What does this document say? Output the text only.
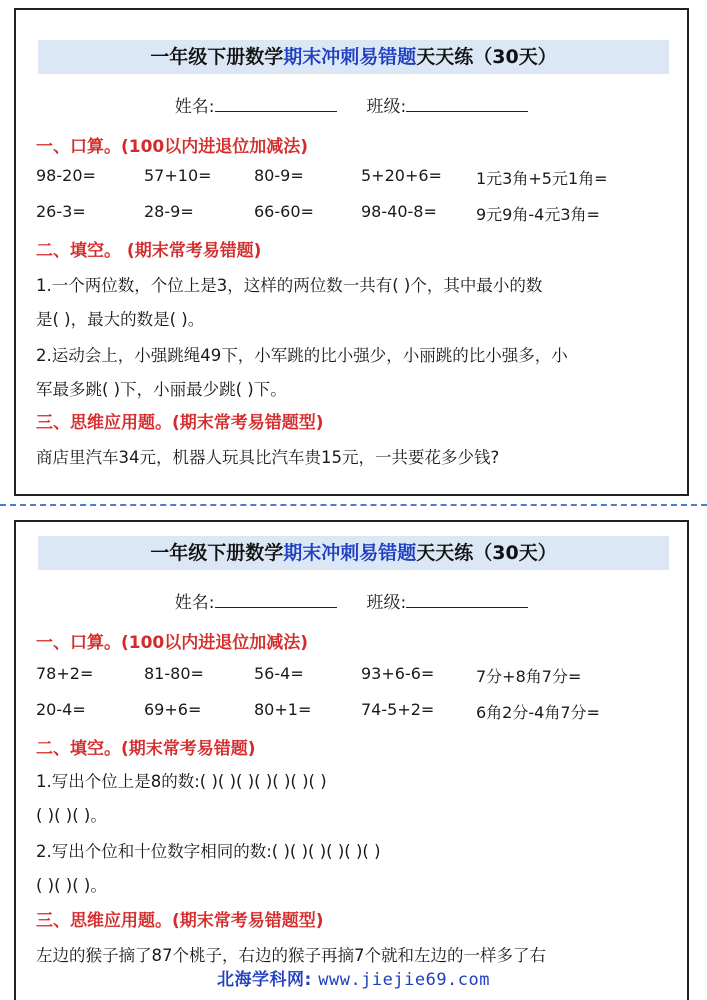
一年级下册数学期末冲刺易错题天天练（30天）
姓名:	班级:
一、口算。(100以内进退位加减法)
98-20=	57+10=	80-9=	5+20+6= 1元3角+5元1角=
26-3=	28-9=	66-60=	98-40-8= 9元9角-4元3角=
二、填空。 (期末常考易错题)
1.一个两位数，个位上是3，这样的两位数一共有( )个，其中最小的数
是( )，最大的数是( )。
2.运动会上，小强跳绳49下，小军跳的比小强少，小丽跳的比小强多，小
军最多跳( )下，小丽最少跳( )下。
三、思维应用题。(期末常考易错题型)
商店里汽车34元，机器人玩具比汽车贵15元，一共要花多少钱?
一年级下册数学期末冲刺易错题天天练（30天）
姓名:	班级:
一、口算。(100以内进退位加减法)
78+2=	81-80=	56-4=	93+6-6=	7分+8角7分=
20-4=	69+6=	80+1=	74-5+2=	6角2分-4角7分=
二、填空。(期末常考易错题)
1.写出个位上是8的数:( )( )( )( )( )( )( )
( )( )( )。
2.写出个位和十位数字相同的数:( )( )( )( )( )( )
( )( )( )。
三、思维应用题。(期末常考易错题型)
左边的猴子摘了87个桃子，右边的猴子再摘7个就和左边的一样多了右
北海学科网: www.jiejie69.com
